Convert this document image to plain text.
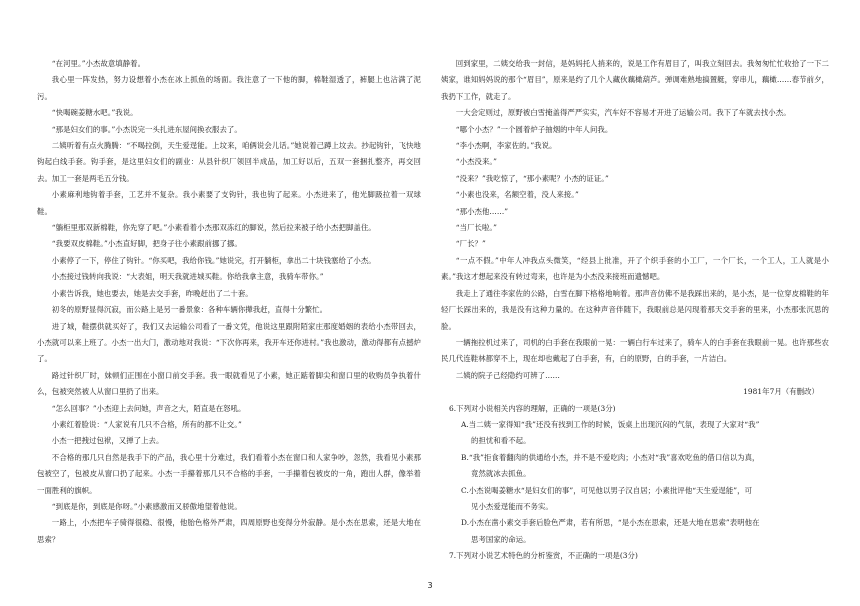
“在河里。”小杰故意填静着。

我心里一阵发热，努力设想着小杰在冰上抓鱼的场面。我注意了一下他的脚，棉鞋湿透了，裤腿上也沾满了泥污。

“快喝碗姜糖水吧。”我说。

“那是妇女们的事。”小杰说完一头扎进东屋间换衣服去了。

二姨听着有点火腾腾：“不喝拉倒，天生爱逞能。上坟来，咱俩说会儿话。”她说着己蹲上坟去。抄起钩针，飞快地钩起白线手套。钩手套，是这里妇女们的副业：从县针织厂领回半成品，加工好以后，五双一套捆扎整齐，再交回去。加工一套是两毛五分钱。

小素麻利地钩着手套，工艺并不复杂。我小素要了支钩针，我也钩了起来。小杰进来了，他光脚趿拉着一双球鞋。

“躺柜里那双新棉鞋，你先穿了吧。”小素看着小杰那双冻红的脚说，然后拉来被子给小杰把脚盖住。

“我要双皮棉鞋。”小杰直好脚，把身子往小素跟前挪了挪。

小素停了一下，停住了钩针。“你买吧，我给你钱。”她说完，打开躺柜，拿出二十块钱塞给了小杰。

小杰接过钱转向我说：“大表姐，明天我就进城买鞋。你给我拿主意，我骑车带你。”

小素告诉我，她也要去，她是去交手套，昨晚赶出了二十套。

初冬的原野显得沉寂，而公路上是另一番景象：各种车辆你撵我赶，直得十分繁忙。

进了城，鞋摆供就买好了，我们又去运输公司看了一番文凭，他说这里跟附陌家庄那度婚姻的表给小杰带回去，小杰就可以来上班了。小杰一出大门，激动地对我说：“下次你再来，我开车还你进村。”我也激动，激动得都有点撼炉了。

路过针织厂时，妹顿们正围在小窗口前交手套。我一眼就看见了小素，她正踮着脚尖和窗口里的收购员争执着什么，包被突然被人从窗口里扔了出来。

“怎么回事？”小杰迎上去问她，声音之大，陌直是在怒吼。

小素红着脸说：“人家说有几只不合格，所有的都不让交。”

小杰一把拽过包袱，又掸了上去。

不合格的那几只自然是我手下的产品，我心里十分难过，我们看着小杰在窗口和人家争吵，忽然，我看见小素那包被空了，包被皮从窗口扔了起来。小杰一手攥着那几只不合格的手套，一手攥着包被皮的一角，跑出人群，像举着一面胜利的旗帜。

“到底是你，到底是你呀。”小素感激而又骄傲地望着他说。

一路上，小杰把车子骑得很稳、很慢，他胎色格外严肃，四周原野也变得分外寂静。是小杰在思索，还是大地在思索？

回到家里，二姨交给我一封信，是妈妈托人捎来的，说是工作有眉目了，叫我立刻回去。我匆匆忙忙收拾了一下二姨家，谁知妈妈说的那个“眉目”，原来是约了几个人藏伙藕橄葫芦。弹调难熟地搞置艇，穿串儿，藕橄……春节前夕，我扔下工作，就走了。

一大会定则过，原野被白雪掩盖得严严实实，汽车好不容易才开进了运输公司。我下了车就去找小杰。

“哪个小杰？”一个圆着炉子抽烟的中年人问我。

“李小杰啊，李家佐的。”我说。

“小杰没来。”

“没来？”我吃惊了，“那小素呢？小杰的证证。”

“小素也没来，名额空着，没人来接。”

“那小杰他……”

“当厂长啦。”

“厂长？”

“一点不假。”中年人冲我点头微笑，“经县上批准，开了个织手套的小工厂，一个厂长，一个工人，工人就是小素。”我这才想起来没有转过弯来，也许是为小杰没来接班而遗憾吧。

我走上了通往李家佐的公路，白雪在脚下格格地响着。那声音仿佛不是我踩出来的，是小杰，是一位穿皮棉鞋的年轻厂长踩出来的，我是没有这种力量的。在这种声音伴随下，我眼前总是闪现着那天交手套的里来，小杰那张沉思的脸。

一辆拖拉机过来了，司机的白手套在我眼前一晃：一辆白行车过来了，骑车人的白手套在我眼前一晃。也许那些农民几代连鞋林都穿不上，现在却也戴起了白手套，有，白的原野，白的手套，一片洁白。

二姨的院子己经隐约可辨了……

1981年7月（有删改）

6.下列对小说相关内容的理解，正确的一项是(3分)

A.当二姨一家得知“我”还没有找到工作的时候，饭桌上出现沉闷的气氛，表现了大家对“我”
的担忧和看不起。

B.“我”拒食着翻肉的供通给小杰，并不是不爱吃肉；小杰对“我”喜欢吃鱼的借口信以为真，
竟然就冰去抓鱼。

C.小杰说喝姜糖水“是妇女们的事”，可见他以男子汉自居；小素批评他“天生爱逞能”，可
见小杰爱逞能而不务实。

D.小杰在凿小素交手套后脸色严肃，若有所思，“是小杰在思索，还是大地在思索”表明他在
思考国家的命运。

7.下列对小说艺术特色的分析鉴赏，不正确的一项是(3分)

3
